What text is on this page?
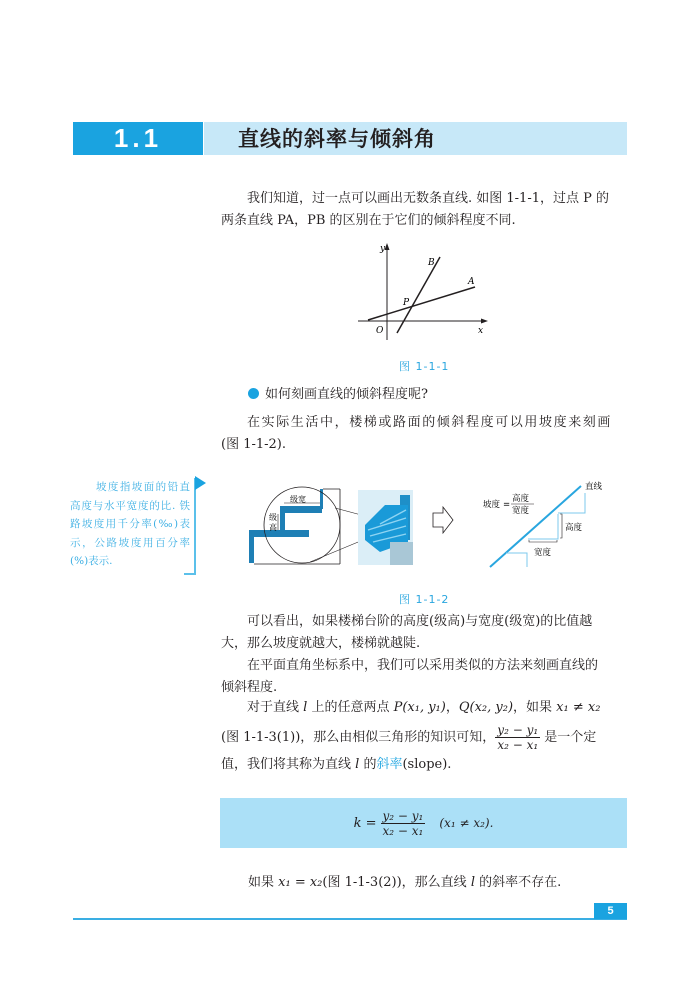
1.1	直线的斜率与倾斜角
我们知道，过一点可以画出无数条直线. 如图 1-1-1，过点 P 的
两条直线 PA，PB 的区别在于它们的倾斜程度不同.
y
x
O
P
A
B
图 1-1-1
如何刻画直线的倾斜程度呢?
在实际生活中，楼梯或路面的倾斜程度可以用坡度来刻画
(图 1-1-2).
坡度指坡面的铅直高度与水平宽度的比. 铁路坡度用千分率(‰)表示，公路坡度用百分率(%)表示.
级宽
级
高
直线
坡度 =
高度
宽度
高度
宽度
图 1-1-2
可以看出，如果楼梯台阶的高度(级高)与宽度(级宽)的比值越
大，那么坡度就越大，楼梯就越陡.
在平面直角坐标系中，我们可以采用类似的方法来刻画直线的
倾斜程度.
对于直线 l 上的任意两点 P(x₁, y₁)，Q(x₂, y₂)，如果 x₁ ≠ x₂
(图 1-1-3(1))，那么由相似三角形的知识可知， $\frac{\text{y₂ − y₁}}{\text{x₂ − x₁}}$ 是一个定
值，我们将其称为直线 l 的斜率(slope).
$k = \frac{\text{y₂ − y₁}}{\text{x₂ − x₁}} (x_1 \ne x_2)$.
如果 x₁ = x₂(图 1-1-3(2))，那么直线 l 的斜率不存在.
5
